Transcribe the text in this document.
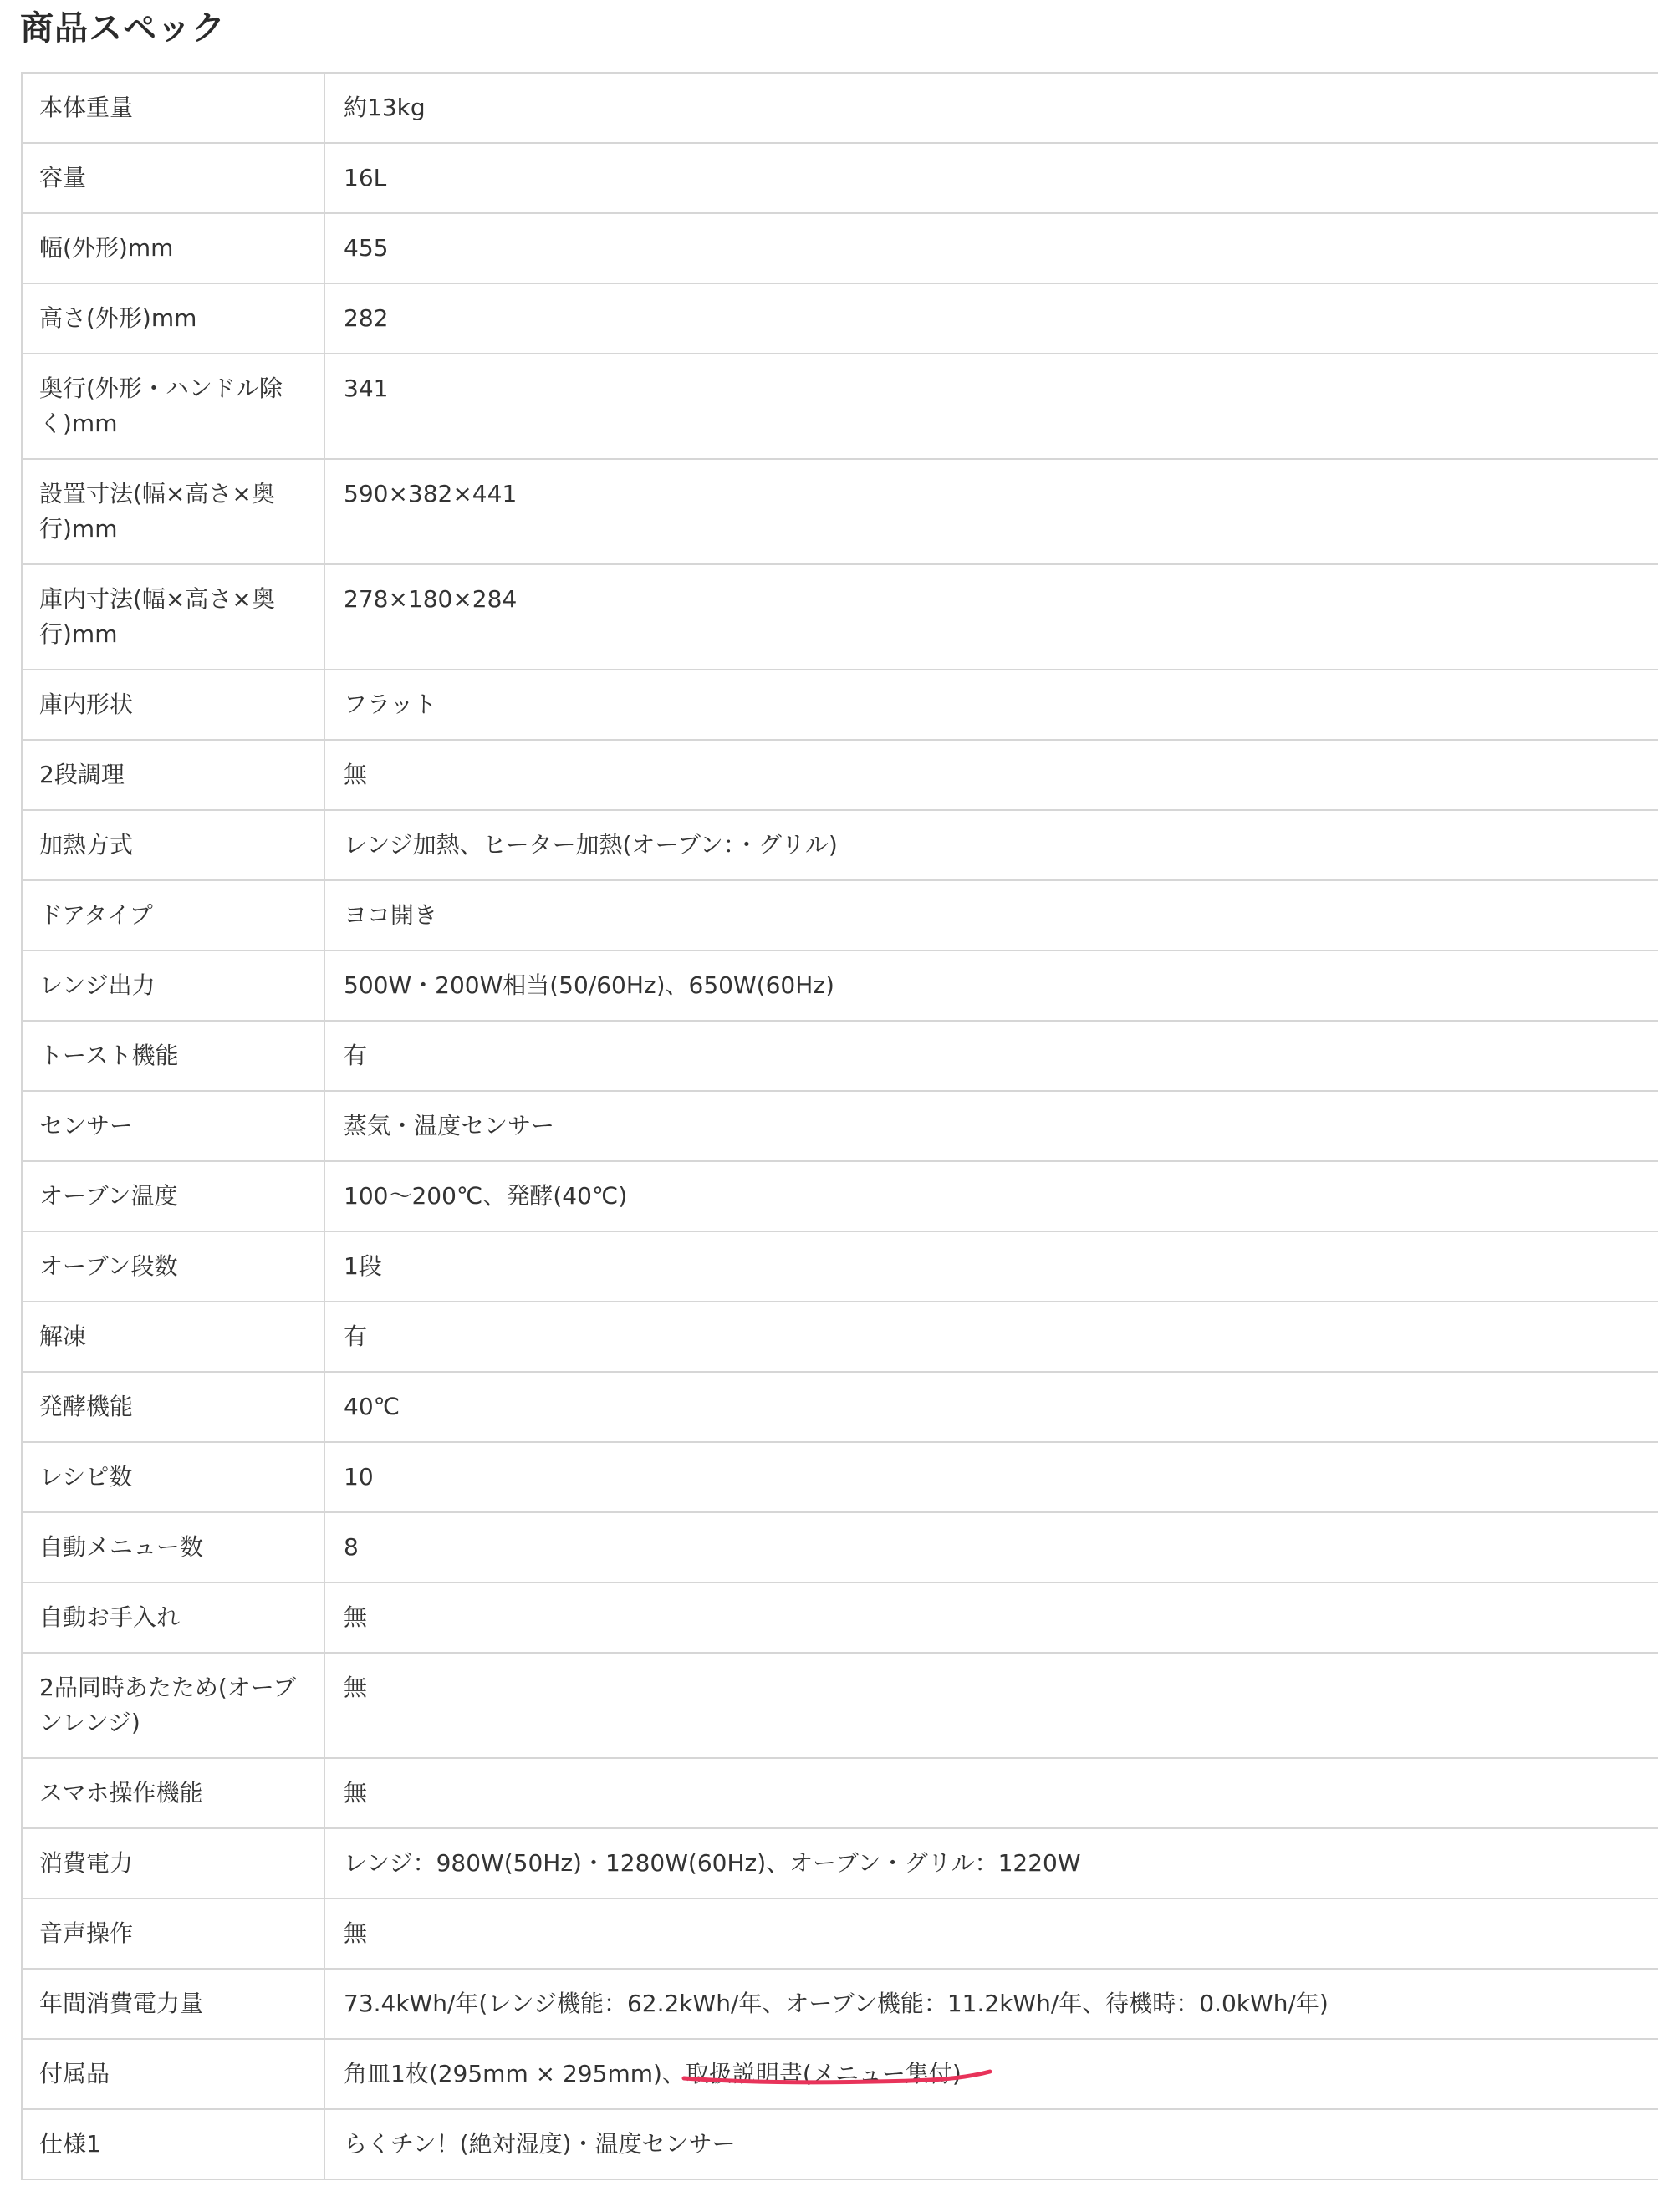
商品スペック
本体重量	約13kg
容量	16L
幅(外形)mm	455
高さ(外形)mm	282
奥行(外形・ハンドル除く)mm	341
設置寸法(幅×高さ×奥行)mm	590×382×441
庫内寸法(幅×高さ×奥行)mm	278×180×284
庫内形状	フラット
2段調理	無
加熱方式	レンジ加熱、ヒーター加熱(オーブン：・グリル)
ドアタイプ	ヨコ開き
レンジ出力	500W・200W相当(50/60Hz)、650W(60Hz)
トースト機能	有
センサー	蒸気・温度センサー
オーブン温度	100〜200℃、発酵(40℃)
オーブン段数	1段
解凍	有
発酵機能	40℃
レシピ数	10
自動メニュー数	8
自動お手入れ	無
2品同時あたため(オーブンレンジ)	無
スマホ操作機能	無
消費電力	レンジ：980W(50Hz)・1280W(60Hz)、オーブン・グリル：1220W
音声操作	無
年間消費電力量	73.4kWh/年(レンジ機能：62.2kWh/年、オーブン機能：11.2kWh/年、待機時：0.0kWh/年)
付属品	角皿1枚(295mm × 295mm)、取扱説明書(メニュー集付)

仕様1	らくチン！(絶対湿度)・温度センサー
